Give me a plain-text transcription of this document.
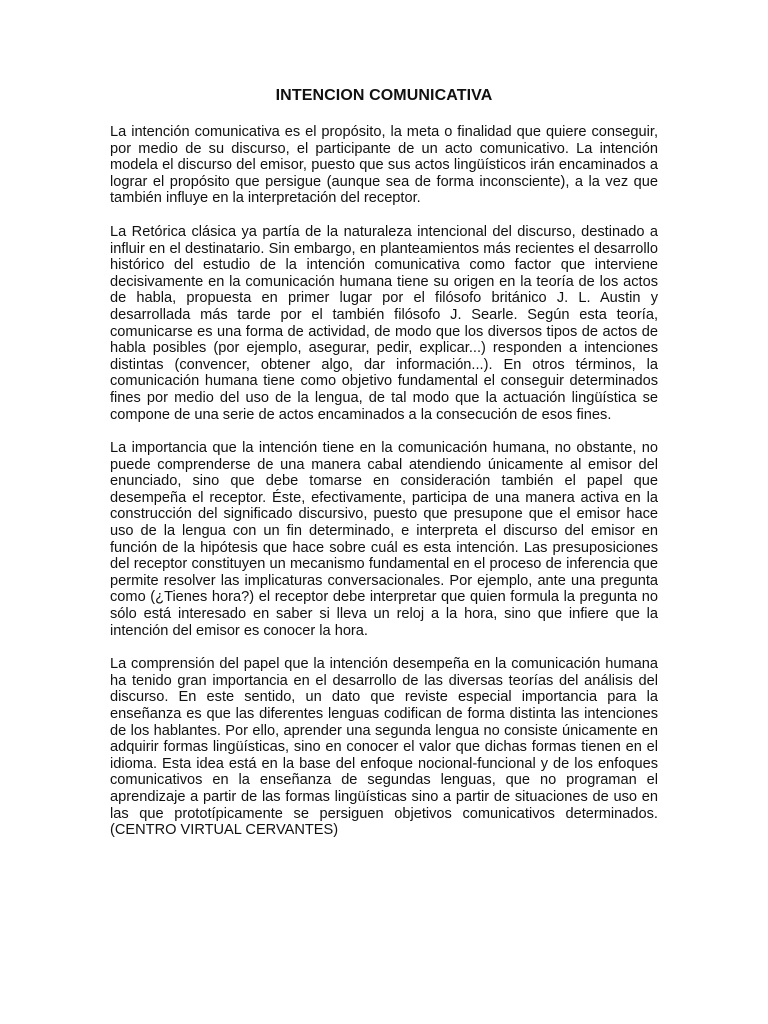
INTENCION COMUNICATIVA

La intención comunicativa es el propósito, la meta o finalidad que quiere conseguir, por medio de su discurso, el participante de un acto comunicativo. La intención modela el discurso del emisor, puesto que sus actos lingüísticos irán encaminados a lograr el propósito que persigue (aunque sea de forma inconsciente), a la vez que también influye en la interpretación del receptor.

La Retórica clásica ya partía de la naturaleza intencional del discurso, destinado a influir en el destinatario. Sin embargo, en planteamientos más recientes el desarrollo histórico del estudio de la intención comunicativa como factor que interviene decisivamente en la comunicación humana tiene su origen en la teoría de los actos de habla, propuesta en primer lugar por el filósofo británico J. L. Austin y desarrollada más tarde por el también filósofo J. Searle. Según esta teoría, comunicarse es una forma de actividad, de modo que los diversos tipos de actos de habla posibles (por ejemplo, asegurar, pedir, explicar...) responden a intenciones distintas (convencer, obtener algo, dar información...). En otros términos, la comunicación humana tiene como objetivo fundamental el conseguir determinados fines por medio del uso de la lengua, de tal modo que la actuación lingüística se compone de una serie de actos encaminados a la consecución de esos fines.

La importancia que la intención tiene en la comunicación humana, no obstante, no puede comprenderse de una manera cabal atendiendo únicamente al emisor del enunciado, sino que debe tomarse en consideración también el papel que desempeña el receptor. Éste, efectivamente, participa de una manera activa en la construcción del significado discursivo, puesto que presupone que el emisor hace uso de la lengua con un fin determinado, e interpreta el discurso del emisor en función de la hipótesis que hace sobre cuál es esta intención. Las presuposiciones del receptor constituyen un mecanismo fundamental en el proceso de inferencia que permite resolver las implicaturas conversacionales. Por ejemplo, ante una pregunta como (¿Tienes hora?) el receptor debe interpretar que quien formula la pregunta no sólo está interesado en saber si lleva un reloj a la hora, sino que infiere que la intención del emisor es conocer la hora.

La comprensión del papel que la intención desempeña en la comunicación humana ha tenido gran importancia en el desarrollo de las diversas teorías del análisis del discurso. En este sentido, un dato que reviste especial importancia para la enseñanza es que las diferentes lenguas codifican de forma distinta las intenciones de los hablantes. Por ello, aprender una segunda lengua no consiste únicamente en adquirir formas lingüísticas, sino en conocer el valor que dichas formas tienen en el idioma. Esta idea está en la base del enfoque nocional-funcional y de los enfoques comunicativos en la enseñanza de segundas lenguas, que no programan el aprendizaje a partir de las formas lingüísticas sino a partir de situaciones de uso en las que prototípicamente se persiguen objetivos comunicativos determinados.(CENTRO VIRTUAL CERVANTES)
